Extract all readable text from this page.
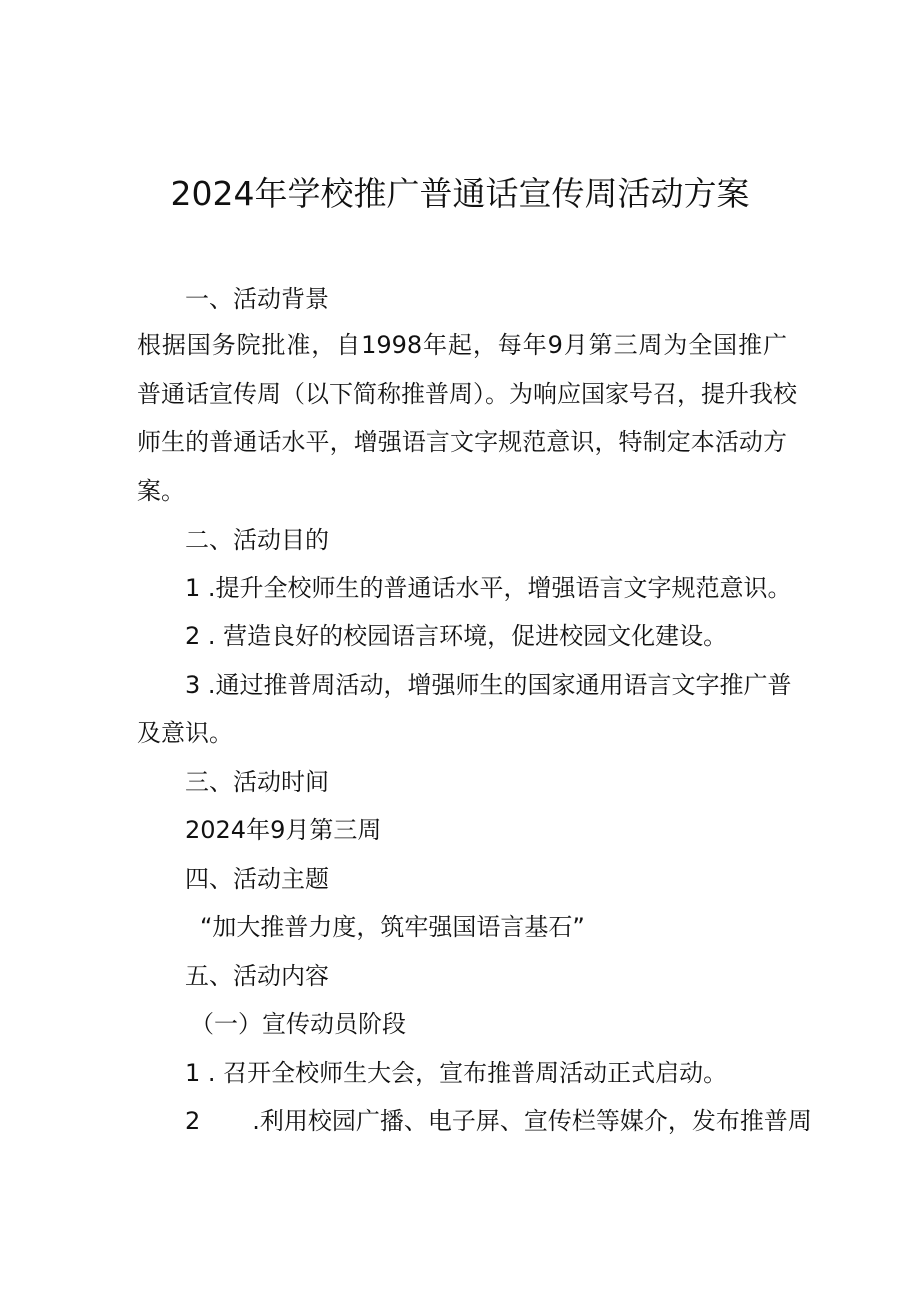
2024年学校推广普通话宣传周活动方案
一、活动背景
根据国务院批准，自1998年起，每年9月第三周为全国推广
普通话宣传周（以下简称推普周）。为响应国家号召，提升我校
师生的普通话水平，增强语言文字规范意识，特制定本活动方
案。
二、活动目的
1 .提升全校师生的普通话水平，增强语言文字规范意识。
2 . 营造良好的校园语言环境，促进校园文化建设。
3 .通过推普周活动，增强师生的国家通用语言文字推广普
及意识。
三、活动时间
2024年9月第三周
四、活动主题
“加大推普力度，筑牢强国语言基石”
五、活动内容
（一）宣传动员阶段
1 . 召开全校师生大会，宣布推普周活动正式启动。
2 .利用校园广播、电子屏、宣传栏等媒介，发布推普周
